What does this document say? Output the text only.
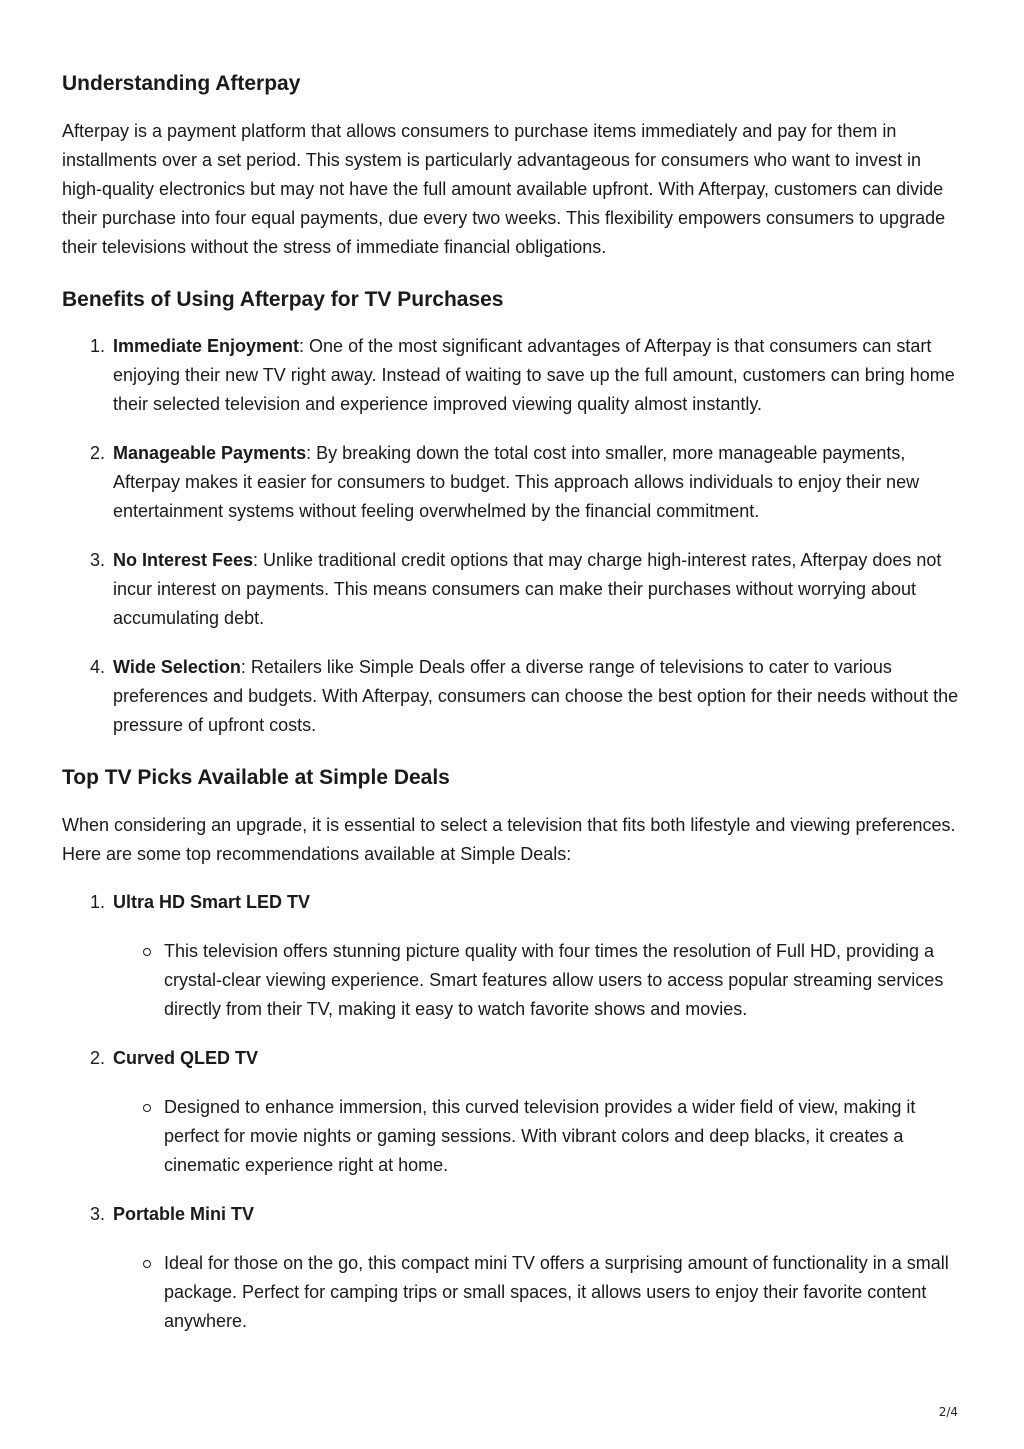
Understanding Afterpay

Afterpay is a payment platform that allows consumers to purchase items immediately and pay for them in installments over a set period. This system is particularly advantageous for consumers who want to invest in high-quality electronics but may not have the full amount available upfront. With Afterpay, customers can divide their purchase into four equal payments, due every two weeks. This flexibility empowers consumers to upgrade their televisions without the stress of immediate financial obligations.

Benefits of Using Afterpay for TV Purchases
1. Immediate Enjoyment: One of the most significant advantages of Afterpay is that consumers can start enjoying their new TV right away. Instead of waiting to save up the full amount, customers can bring home their selected television and experience improved viewing quality almost instantly.
2. Manageable Payments: By breaking down the total cost into smaller, more manageable payments, Afterpay makes it easier for consumers to budget. This approach allows individuals to enjoy their new entertainment systems without feeling overwhelmed by the financial commitment.
3. No Interest Fees: Unlike traditional credit options that may charge high-interest rates, Afterpay does not incur interest on payments. This means consumers can make their purchases without worrying about accumulating debt.
4. Wide Selection: Retailers like Simple Deals offer a diverse range of televisions to cater to various preferences and budgets. With Afterpay, consumers can choose the best option for their needs without the pressure of upfront costs.
Top TV Picks Available at Simple Deals

When considering an upgrade, it is essential to select a television that fits both lifestyle and viewing preferences. Here are some top recommendations available at Simple Deals:

1. Ultra HD Smart LED TV
This television offers stunning picture quality with four times the resolution of Full HD, providing a crystal-clear viewing experience. Smart features allow users to access popular streaming services directly from their TV, making it easy to watch favorite shows and movies.
2. Curved QLED TV
Designed to enhance immersion, this curved television provides a wider field of view, making it perfect for movie nights or gaming sessions. With vibrant colors and deep blacks, it creates a cinematic experience right at home.
3. Portable Mini TV
Ideal for those on the go, this compact mini TV offers a surprising amount of functionality in a small package. Perfect for camping trips or small spaces, it allows users to enjoy their favorite content anywhere.
2/4
